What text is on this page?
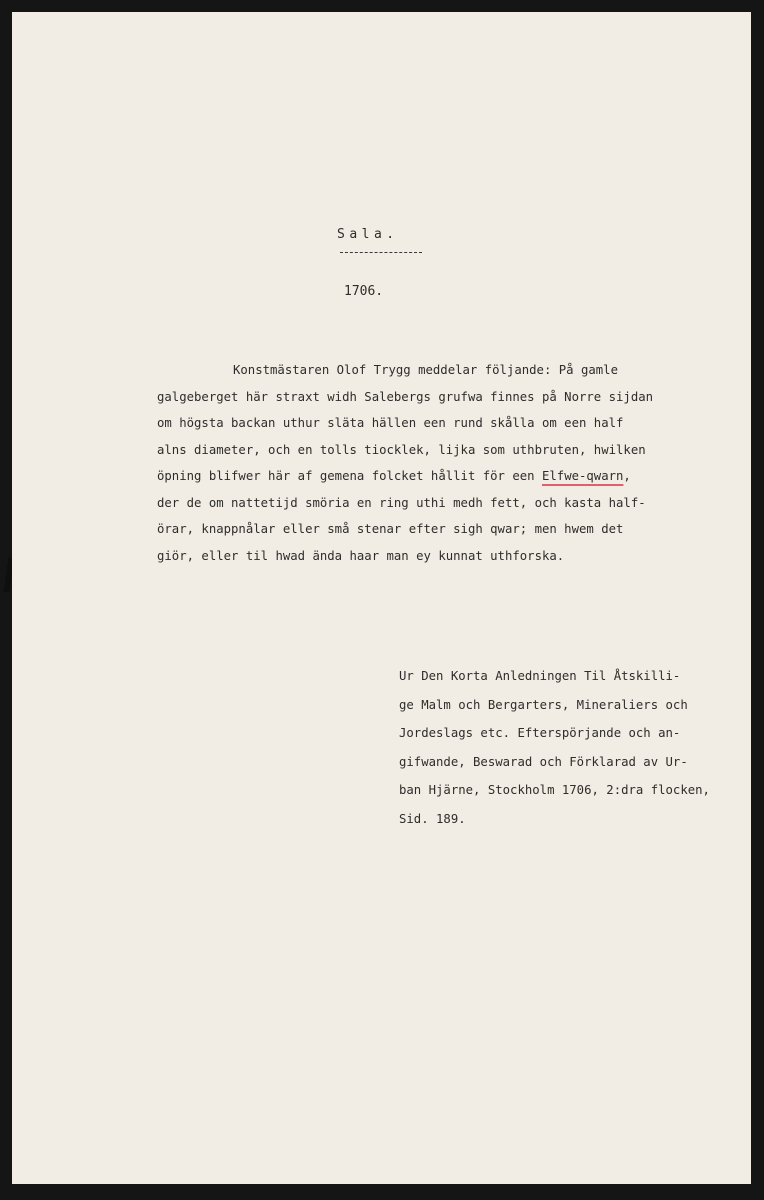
Sala.
1706.
Konstmästaren Olof Trygg meddelar följande: På gamle
galgeberget här straxt widh Salebergs grufwa finnes på Norre sijdan
om högsta backan uthur släta hällen een rund skålla om een half
alns diameter, och en tolls tiocklek, lijka som uthbruten, hwilken
öpning blifwer här af gemena folcket hållit för een Elfwe-qwarn,
der de om nattetijd smöria en ring uthi medh fett, och kasta half-
örar, knappnålar eller små stenar efter sigh qwar; men hwem det
giör, eller til hwad ända haar man ey kunnat uthforska.
Ur Den Korta Anledningen Til Åtskilli-
ge Malm och Bergarters, Mineraliers och
Jordeslags etc. Efterspörjande och an-
gifwande, Beswarad och Förklarad av Ur-
ban Hjärne, Stockholm 1706, 2:dra flocken,
Sid. 189.
